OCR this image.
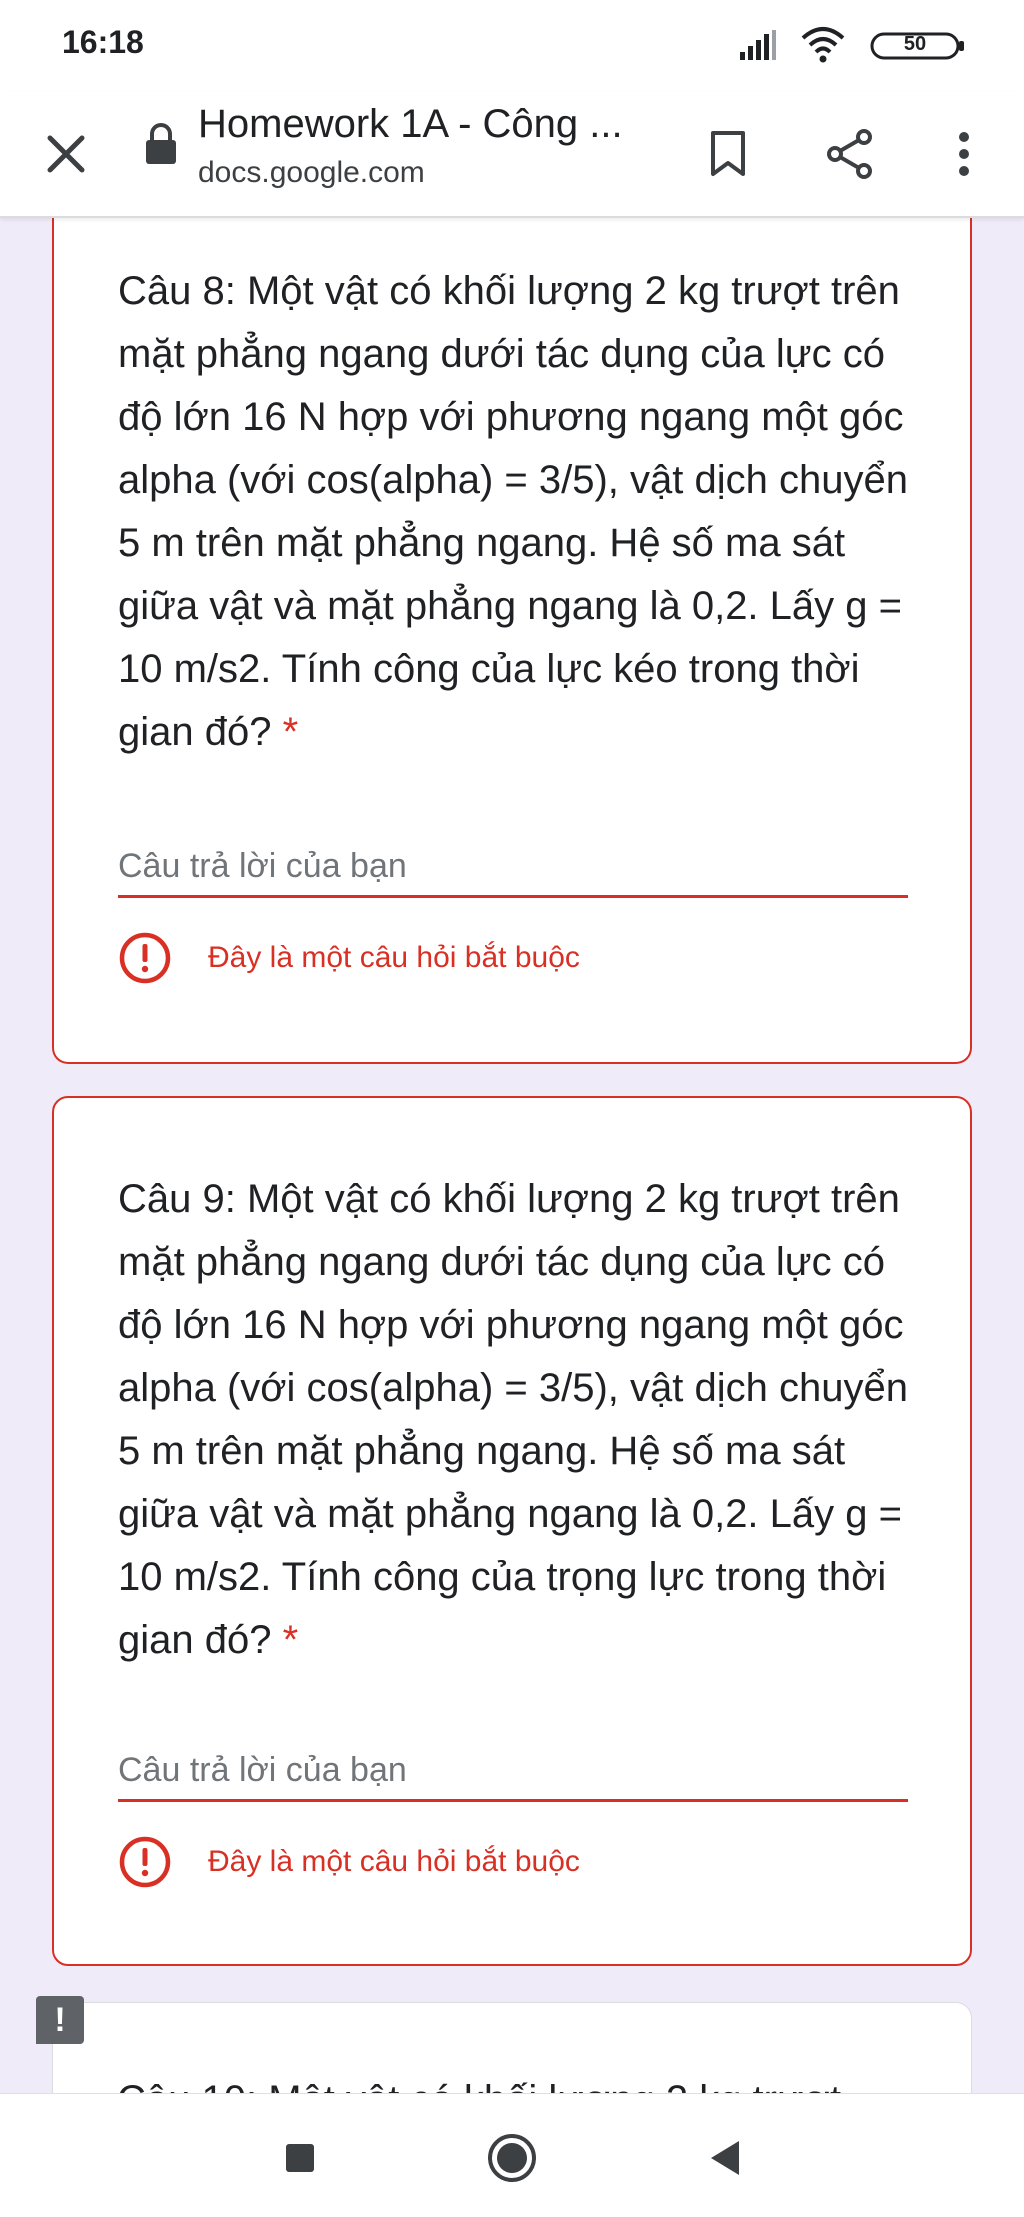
16:18	50
Homework 1A - Công ...
docs.google.com
Câu 8: Một vật có khối lượng 2 kg trượt trên mặt phẳng ngang dưới tác dụng của lực có độ lớn 16 N hợp với phương ngang một góc alpha (với cos(alpha) = 3/5), vật dịch chuyển 5 m trên mặt phẳng ngang. Hệ số ma sát giữa vật và mặt phẳng ngang là 0,2. Lấy g = 10 m/s2. Tính công của lực kéo trong thời gian đó? *
Câu trả lời của bạn
Đây là một câu hỏi bắt buộc
Câu 9: Một vật có khối lượng 2 kg trượt trên mặt phẳng ngang dưới tác dụng của lực có độ lớn 16 N hợp với phương ngang một góc alpha (với cos(alpha) = 3/5), vật dịch chuyển 5 m trên mặt phẳng ngang. Hệ số ma sát giữa vật và mặt phẳng ngang là 0,2. Lấy g = 10 m/s2. Tính công của trọng lực trong thời gian đó? *
Câu trả lời của bạn
Đây là một câu hỏi bắt buộc
!
